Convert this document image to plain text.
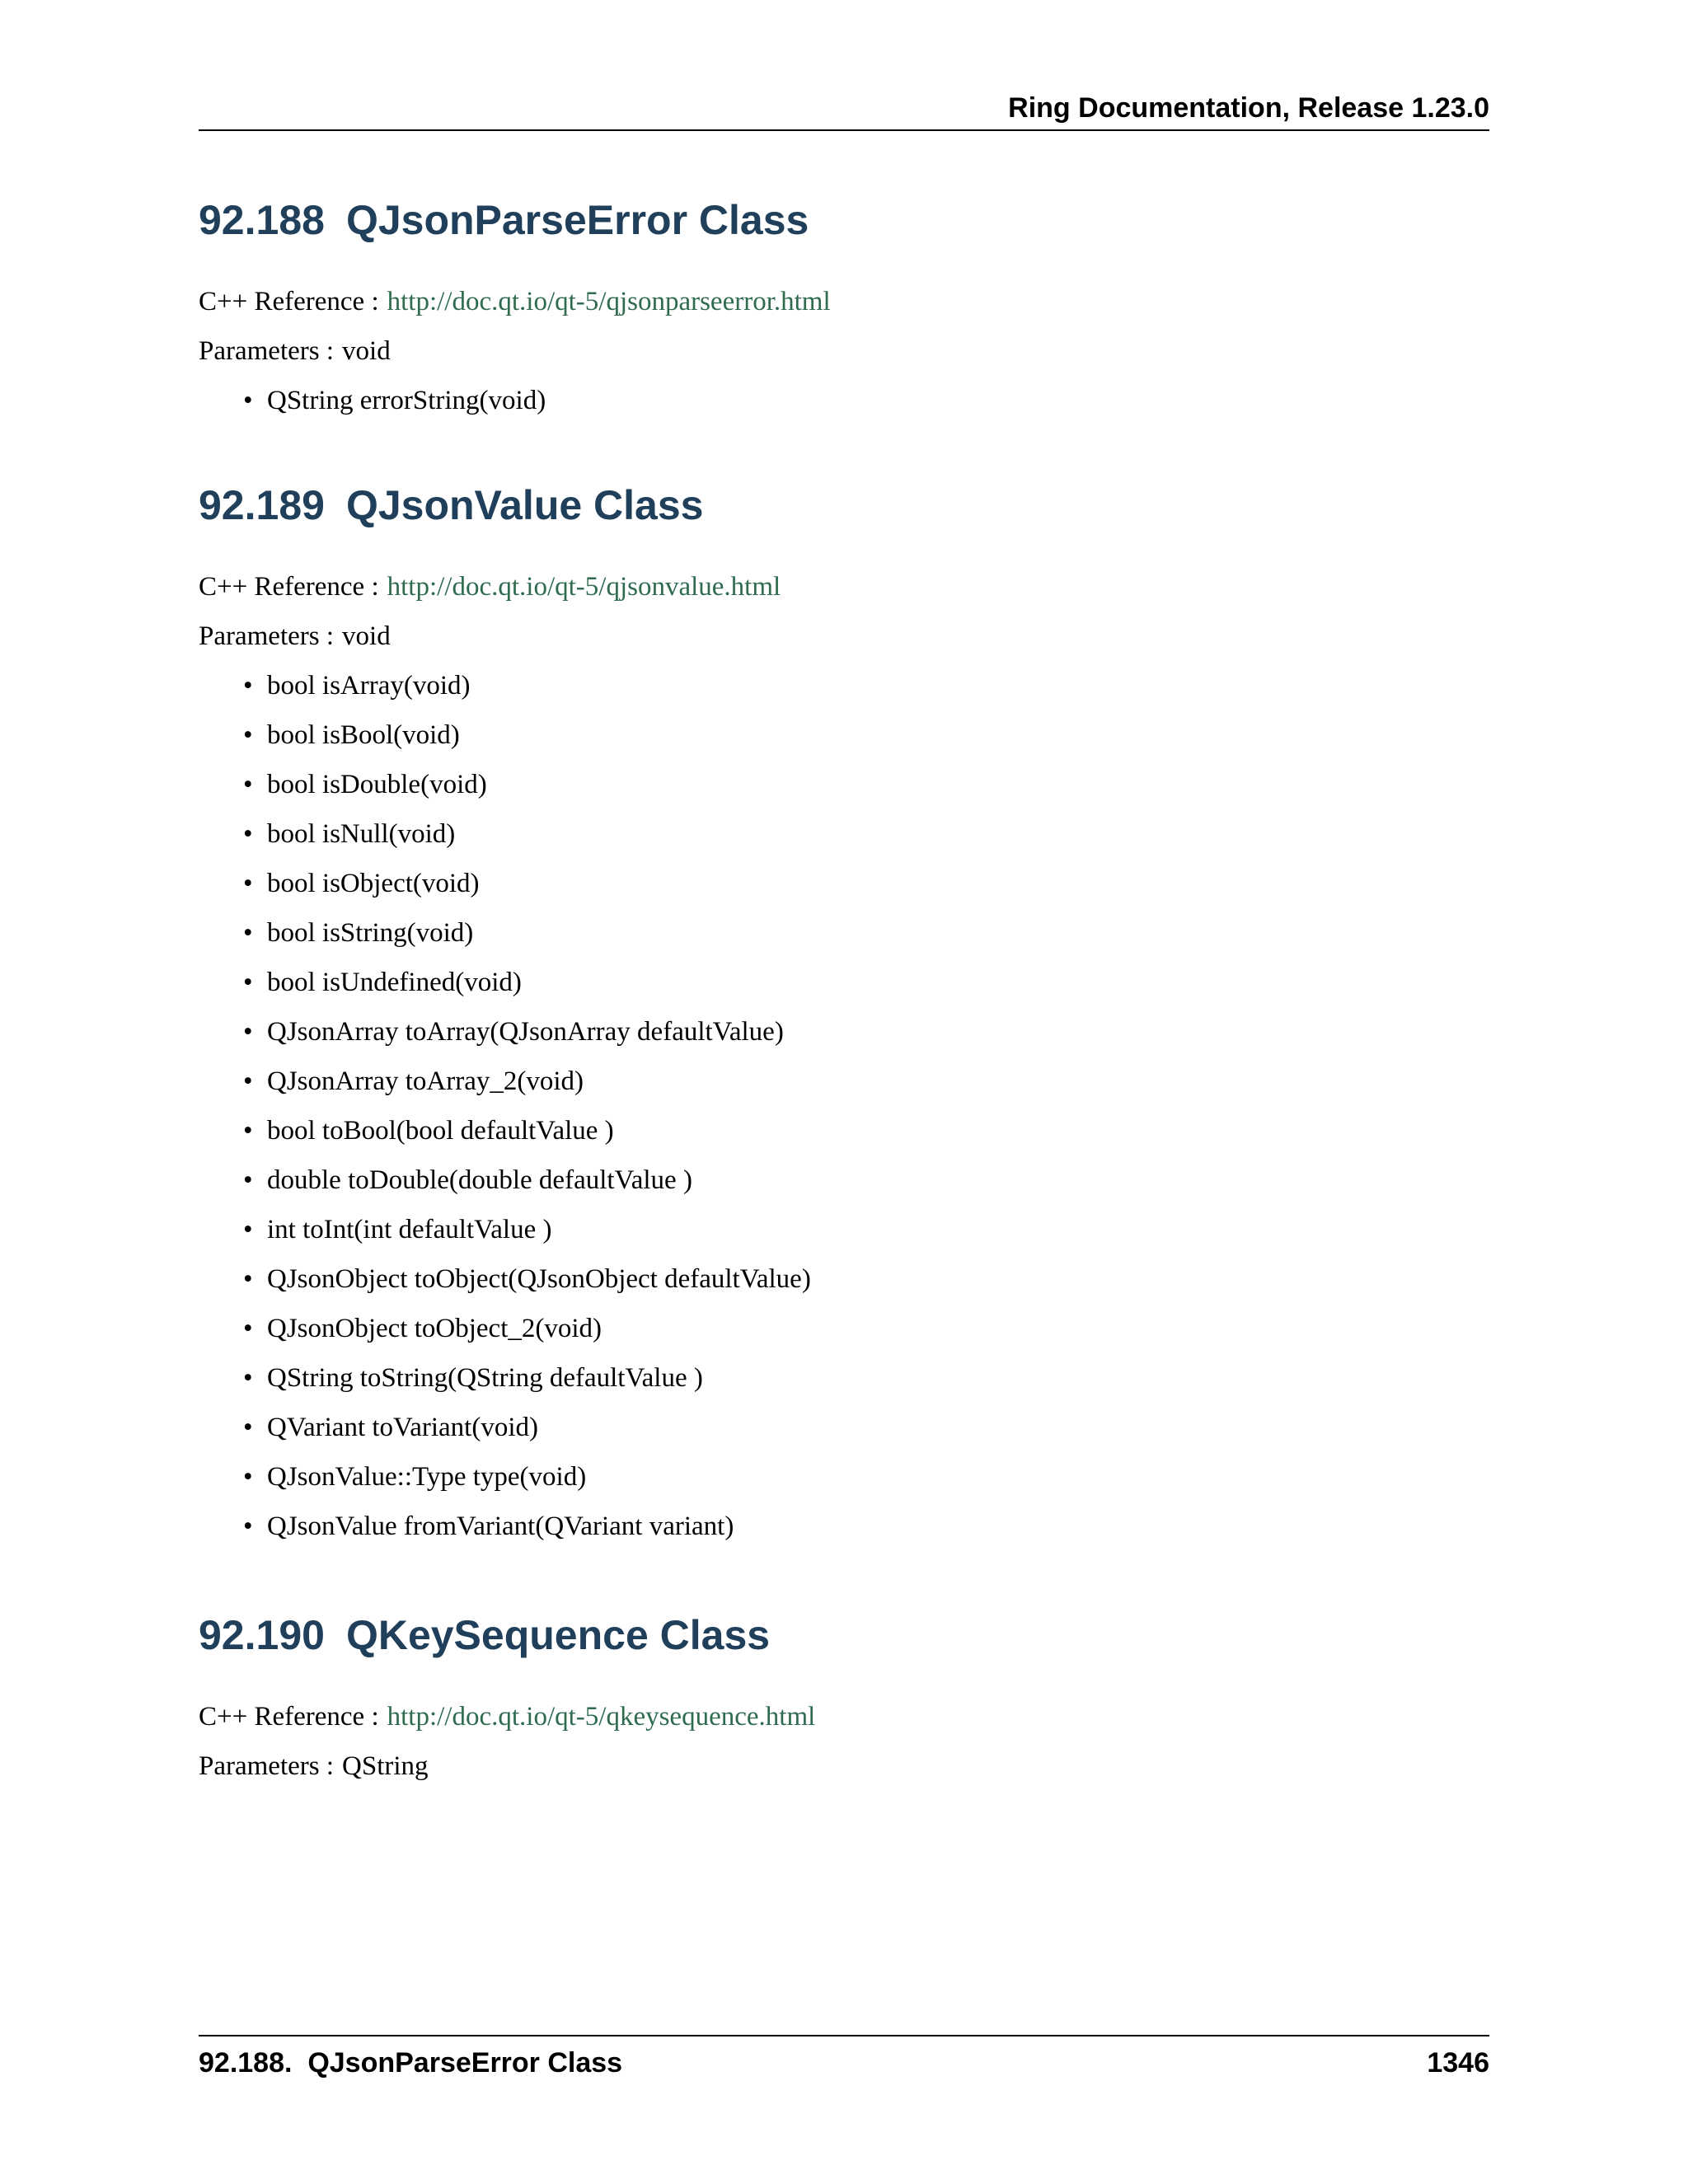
Ring Documentation, Release 1.23.0
92.188 QJsonParseError Class
C++ Reference : http://doc.qt.io/qt-5/qjsonparseerror.html
Parameters : void
• QString errorString(void)
92.189 QJsonValue Class
C++ Reference : http://doc.qt.io/qt-5/qjsonvalue.html
Parameters : void
• bool isArray(void)
• bool isBool(void)
• bool isDouble(void)
• bool isNull(void)
• bool isObject(void)
• bool isString(void)
• bool isUndefined(void)
• QJsonArray toArray(QJsonArray defaultValue)
• QJsonArray toArray_2(void)
• bool toBool(bool defaultValue )
• double toDouble(double defaultValue )
• int toInt(int defaultValue )
• QJsonObject toObject(QJsonObject defaultValue)
• QJsonObject toObject_2(void)
• QString toString(QString defaultValue )
• QVariant toVariant(void)
• QJsonValue::Type type(void)
• QJsonValue fromVariant(QVariant variant)
92.190 QKeySequence Class
C++ Reference : http://doc.qt.io/qt-5/qkeysequence.html
Parameters : QString
92.188.  QJsonParseError Class	1346
